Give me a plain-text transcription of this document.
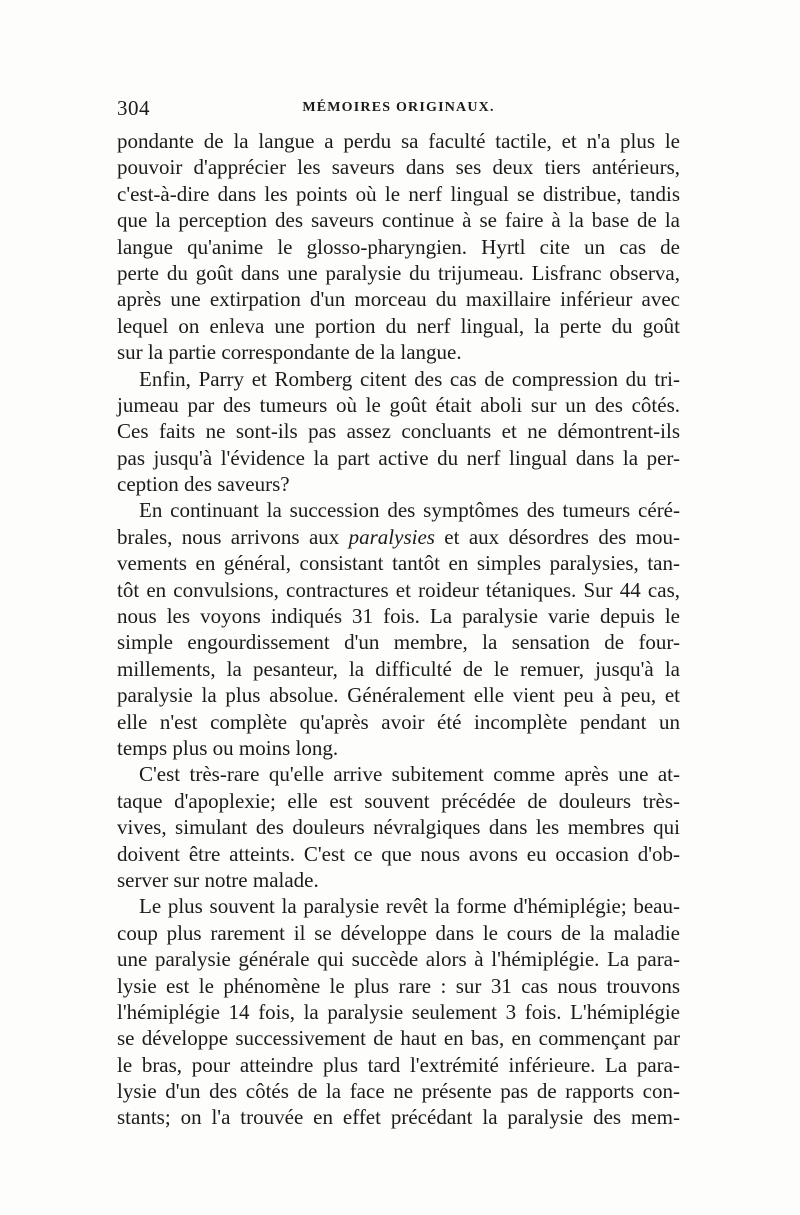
304	MÉMOIRES ORIGINAUX.
pondante de la langue a perdu sa faculté tactile, et n'a plus le
pouvoir d'apprécier les saveurs dans ses deux tiers antérieurs,
c'est-à-dire dans les points où le nerf lingual se distribue, tandis
que la perception des saveurs continue à se faire à la base de la
langue qu'anime le glosso-pharyngien. Hyrtl cite un cas de
perte du goût dans une paralysie du trijumeau. Lisfranc observa,
après une extirpation d'un morceau du maxillaire inférieur avec
lequel on enleva une portion du nerf lingual, la perte du goût
sur la partie correspondante de la langue.
Enfin, Parry et Romberg citent des cas de compression du tri-
jumeau par des tumeurs où le goût était aboli sur un des côtés.
Ces faits ne sont-ils pas assez concluants et ne démontrent-ils
pas jusqu'à l'évidence la part active du nerf lingual dans la per-
ception des saveurs?
En continuant la succession des symptômes des tumeurs céré-
brales, nous arrivons aux paralysies et aux désordres des mou-
vements en général, consistant tantôt en simples paralysies, tan-
tôt en convulsions, contractures et roideur tétaniques. Sur 44 cas,
nous les voyons indiqués 31 fois. La paralysie varie depuis le
simple engourdissement d'un membre, la sensation de four-
millements, la pesanteur, la difficulté de le remuer, jusqu'à la
paralysie la plus absolue. Généralement elle vient peu à peu, et
elle n'est complète qu'après avoir été incomplète pendant un
temps plus ou moins long.
C'est très-rare qu'elle arrive subitement comme après une at-
taque d'apoplexie; elle est souvent précédée de douleurs très-
vives, simulant des douleurs névralgiques dans les membres qui
doivent être atteints. C'est ce que nous avons eu occasion d'ob-
server sur notre malade.
Le plus souvent la paralysie revêt la forme d'hémiplégie; beau-
coup plus rarement il se développe dans le cours de la maladie
une paralysie générale qui succède alors à l'hémiplégie. La para-
lysie est le phénomène le plus rare : sur 31 cas nous trouvons
l'hémiplégie 14 fois, la paralysie seulement 3 fois. L'hémiplégie
se développe successivement de haut en bas, en commençant par
le bras, pour atteindre plus tard l'extrémité inférieure. La para-
lysie d'un des côtés de la face ne présente pas de rapports con-
stants; on l'a trouvée en effet précédant la paralysie des mem-
